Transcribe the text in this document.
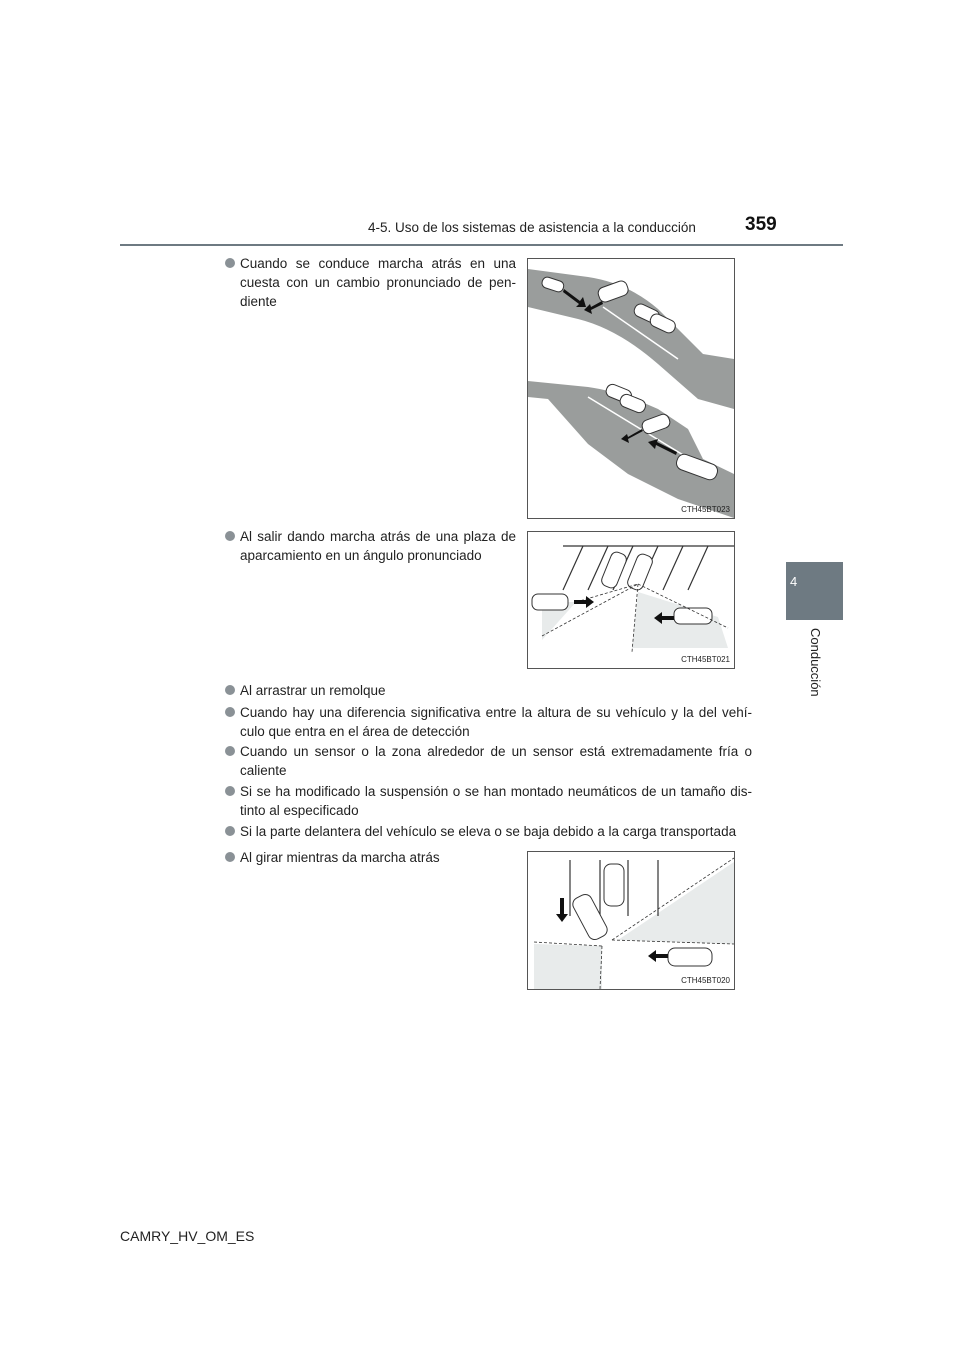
4-5. Uso de los sistemas de asistencia a la conducción	359
4
Conducción
Cuando se conduce marcha atrás en una cuesta con un cambio pronunciado de pen-diente
CTH45BT023
Al salir dando marcha atrás de una plaza de aparcamiento en un ángulo pronunciado
CTH45BT021
Al arrastrar un remolque
Cuando hay una diferencia significativa entre la altura de su vehículo y la del vehí-culo que entra en el área de detección
Cuando un sensor o la zona alrededor de un sensor está extremadamente fría o caliente
Si se ha modificado la suspensión o se han montado neumáticos de un tamaño dis-tinto al especificado
Si la parte delantera del vehículo se eleva o se baja debido a la carga transportada
Al girar mientras da marcha atrás
CTH45BT020
CAMRY_HV_OM_ES
